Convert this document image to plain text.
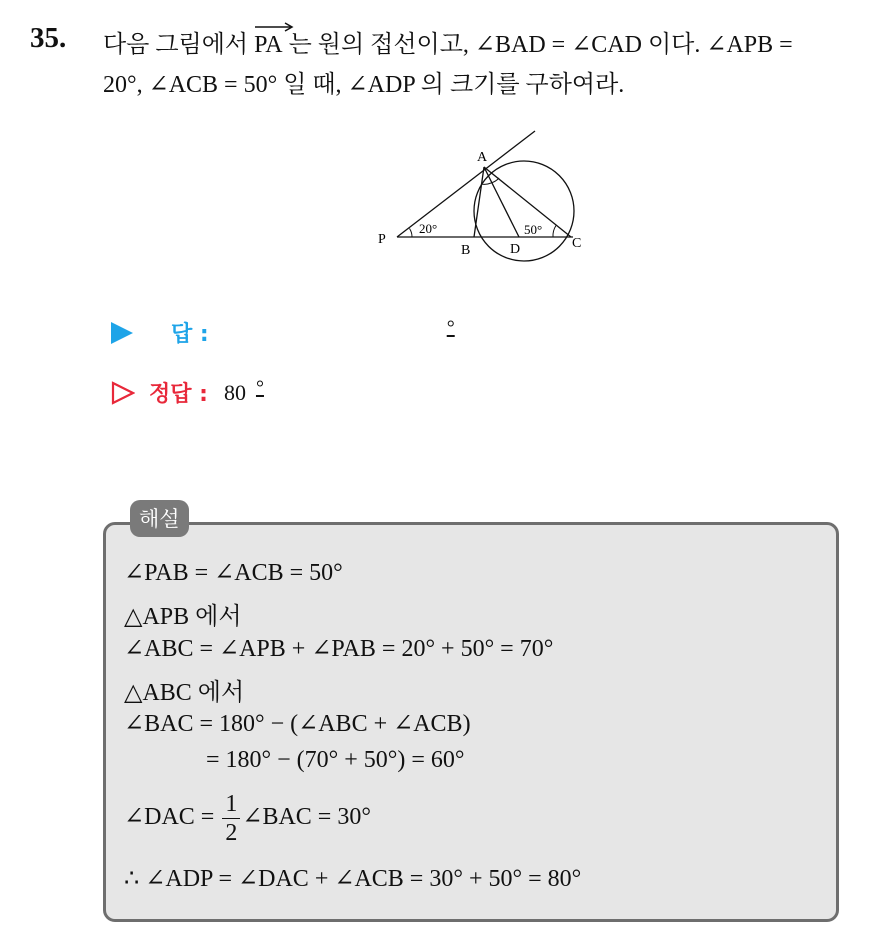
35. 다음 그림에서
PA 는 원의 접선이고, ∠BAD = ∠CAD 이다. ∠APB =
20°, ∠ACB = 50° 일 때, ∠ADP 의 크기를 구하여라.
A
P
B	D	C
20°	50°
답 :	°
정답 : 80 °
해설
∠PAB = ∠ACB = 50°
△APB 에서
∠ABC = ∠APB + ∠PAB = 20° + 50° = 70°
△ABC 에서
∠BAC = 180° − (∠ABC + ∠ACB)
= 180° − (70° + 50°) = 60°
∠DAC = $\frac{1}{2}$ ∠BAC = 30°
∴ ∠ADP = ∠DAC + ∠ACB = 30° + 50° = 80°
